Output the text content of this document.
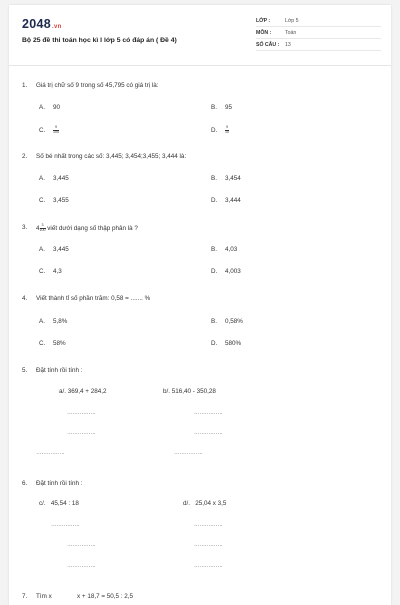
2048.vn
Bộ 25 đề thi toán học kì I lớp 5 có đáp án ( Đề 4)
LỚP :	Lớp 5
MÔN :	Toán
SỐ CÂU : 13
1. Giá trị chữ số 9 trong số 45,795 có giá trị là:
A. 90	B. 95
C. $\frac{9}{100}$	D. $\frac{9}{10}$
2. Số bé nhất trong các số: 3,445; 3,454;3,455; 3,444 là:
A. 3,445	B. 3,454
C. 3,455	D. 3,444
3. $4 \frac{3}{100}$ viết dưới dạng số thập phân là ?
A. 3,445	B. 4,03
C. 4,3	D. 4,003
4. Viết thành tỉ số phần trăm: 0,58 = ....... %
A. 5,8%	B. 0,58%
C. 58%	D. 580%
5. Đặt tính rồi tính :
a/. 369,4 + 284,2	b/. 516,40 - 350,28
…………….	…………….
…………….	…………….
…………….	…………….
6. Đặt tính rồi tính :
c/. 45,54 : 18	d/. 25,04 x 3,5
…………….	…………….
…………….	…………….
…………….	…………….
7. Tìm x	x + 18,7 = 50,5 : 2,5
